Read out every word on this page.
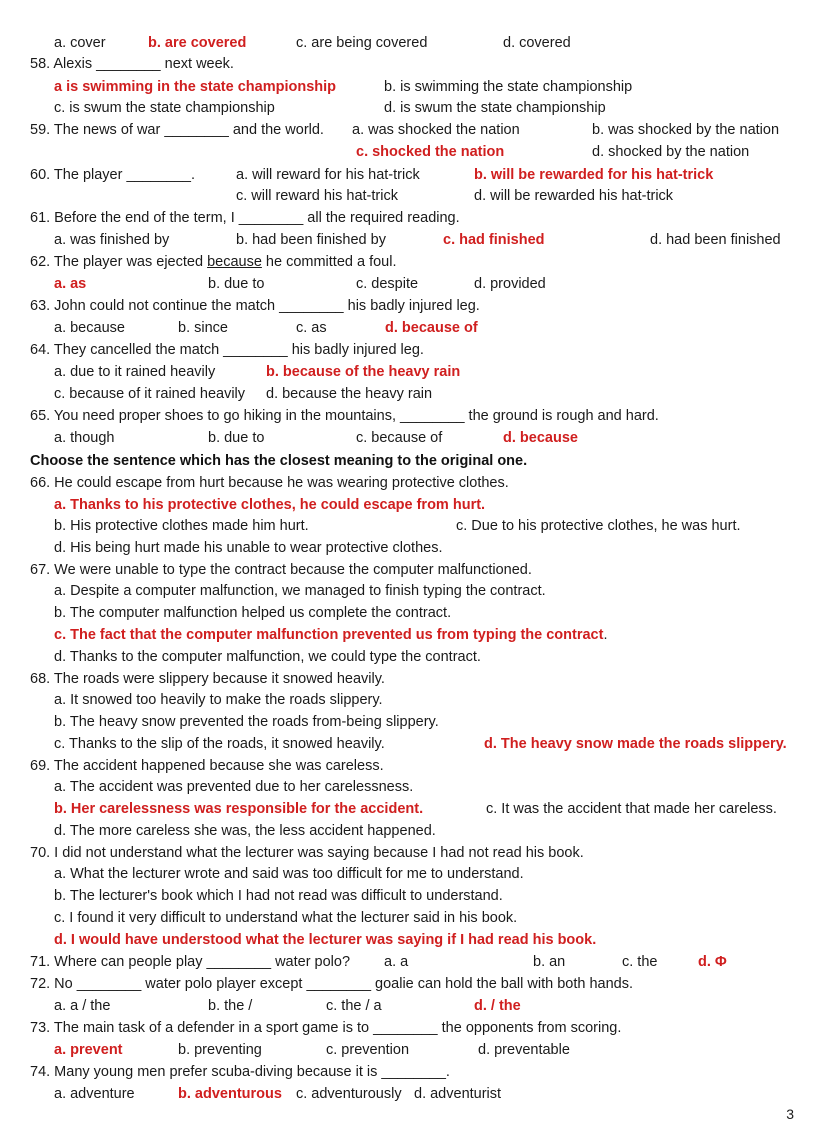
a. cover	b. are covered	c. are being covered	d. covered
58. Alexis ________ next week.
a is swimming in the state championship	b. is swimming the state championship
c. is swum the state championship	d. is swum the state championship
59. The news of war ________ and the world. a. was shocked the nation	b. was shocked by the nation
c. shocked the nation	d. shocked by the nation
60. The player ________.	a. will reward for his hat-trick	b. will be rewarded for his hat-trick
c. will reward his hat-trick	d. will be rewarded his hat-trick
61. Before the end of the term, I ________ all the required reading.
a. was finished by	b. had been finished by	c. had finished	d. had been finished
62. The player was ejected because he committed a foul.
a. as	b. due to	c. despite	d. provided
63. John could not continue the match ________ his badly injured leg.
a. because	b. since	c. as	d. because of
64. They cancelled the match ________ his badly injured leg.
a. due to it rained heavily	b. because of the heavy rain
c. because of it rained heavily d. because the heavy rain
65. You need proper shoes to go hiking in the mountains, ________ the ground is rough and hard.
a. though	b. due to	c. because of	d. because
Choose the sentence which has the closest meaning to the original one.
66. He could escape from hurt because he was wearing protective clothes.
a. Thanks to his protective clothes, he could escape from hurt.
b. His protective clothes made him hurt.	c. Due to his protective clothes, he was hurt.
d. His being hurt made his unable to wear protective clothes.
67. We were unable to type the contract because the computer malfunctioned.
a. Despite a computer malfunction, we managed to finish typing the contract.
b. The computer malfunction helped us complete the contract.
c. The fact that the computer malfunction prevented us from typing the contract.
d. Thanks to the computer malfunction, we could type the contract.
68. The roads were slippery because it snowed heavily.
a. It snowed too heavily to make the roads slippery.
b. The heavy snow prevented the roads from-being slippery.
c. Thanks to the slip of the roads, it snowed heavily.	d. The heavy snow made the roads slippery.
69. The accident happened because she was careless.
a. The accident was prevented due to her carelessness.
b. Her carelessness was responsible for the accident.	c. It was the accident that made her careless.
d. The more careless she was, the less accident happened.
70. I did not understand what the lecturer was saying because I had not read his book.
a. What the lecturer wrote and said was too difficult for me to understand.
b. The lecturer's book which I had not read was difficult to understand.
c. I found it very difficult to understand what the lecturer said in his book.
d. I would have understood what the lecturer was saying if I had read his book.
71. Where can people play ________ water polo? a. a	b. an	c. the	d. Φ
72. No ________ water polo player except ________ goalie can hold the ball with both hands.
a. a / the	b. the /	c. the / a	d. / the
73. The main task of a defender in a sport game is to ________ the opponents from scoring.
a. prevent	b. preventing	c. prevention	d. preventable
74. Many young men prefer scuba-diving because it is ________.
a. adventure	b. adventurous c. adventurously d. adventurist
3
